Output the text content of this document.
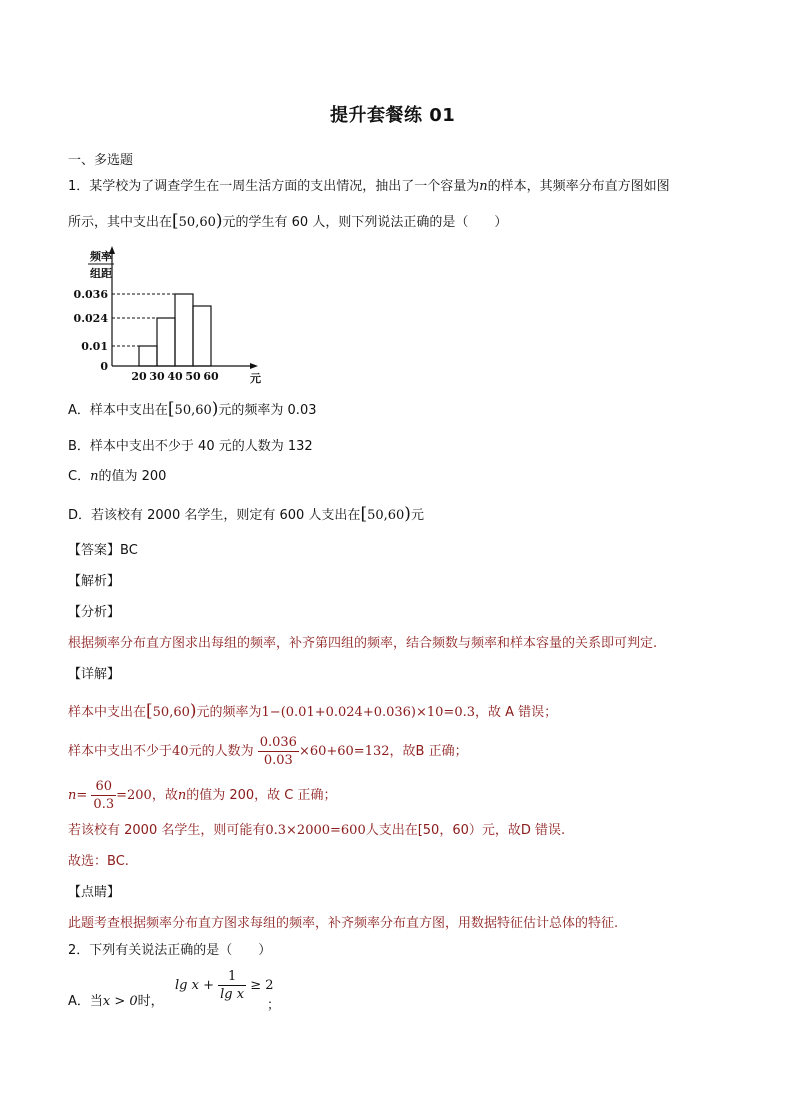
提升套餐练 01
一、多选题
1．某学校为了调查学生在一周生活方面的支出情况，抽出了一个容量为n的样本，其频率分布直方图如图
所示，其中支出在[50,60)元的学生有 60 人，则下列说法正确的是（　　）
0.036
0.024
0.01
0
20 30 40 50 60	元
频率
组距
A．样本中支出在[50,60)元的频率为 0.03
B．样本中支出不少于 40 元的人数为 132
C．n的值为 200
D．若该校有 2000 名学生，则定有 600 人支出在[50,60)元
【答案】BC
【解析】
【分析】
根据频率分布直方图求出每组的频率，补齐第四组的频率，结合频数与频率和样本容量的关系即可判定.
【详解】
样本中支出在[50,60)元的频率为1−(0.01+0.024+0.036)×10=0.3，故 A 错误；
样本中支出不少于40元的人数为 $\frac{0.036}{0.03} \times 60+60=132$，故B 正确；
$n= \frac{60}{0.3} =200$，故n的值为 200，故 C 正确；
若该校有 2000 名学生，则可能有0.3×2000=600人支出在[50，60）元，故D 错误.
故选：BC.
【点睛】
此题考查根据频率分布直方图求每组的频率，补齐频率分布直方图，用数据特征估计总体的特征.
2．下列有关说法正确的是（　　）
A．当x > 0时，
$\lg x + \frac{1}{\text{lg x}} \ge 2$
；
